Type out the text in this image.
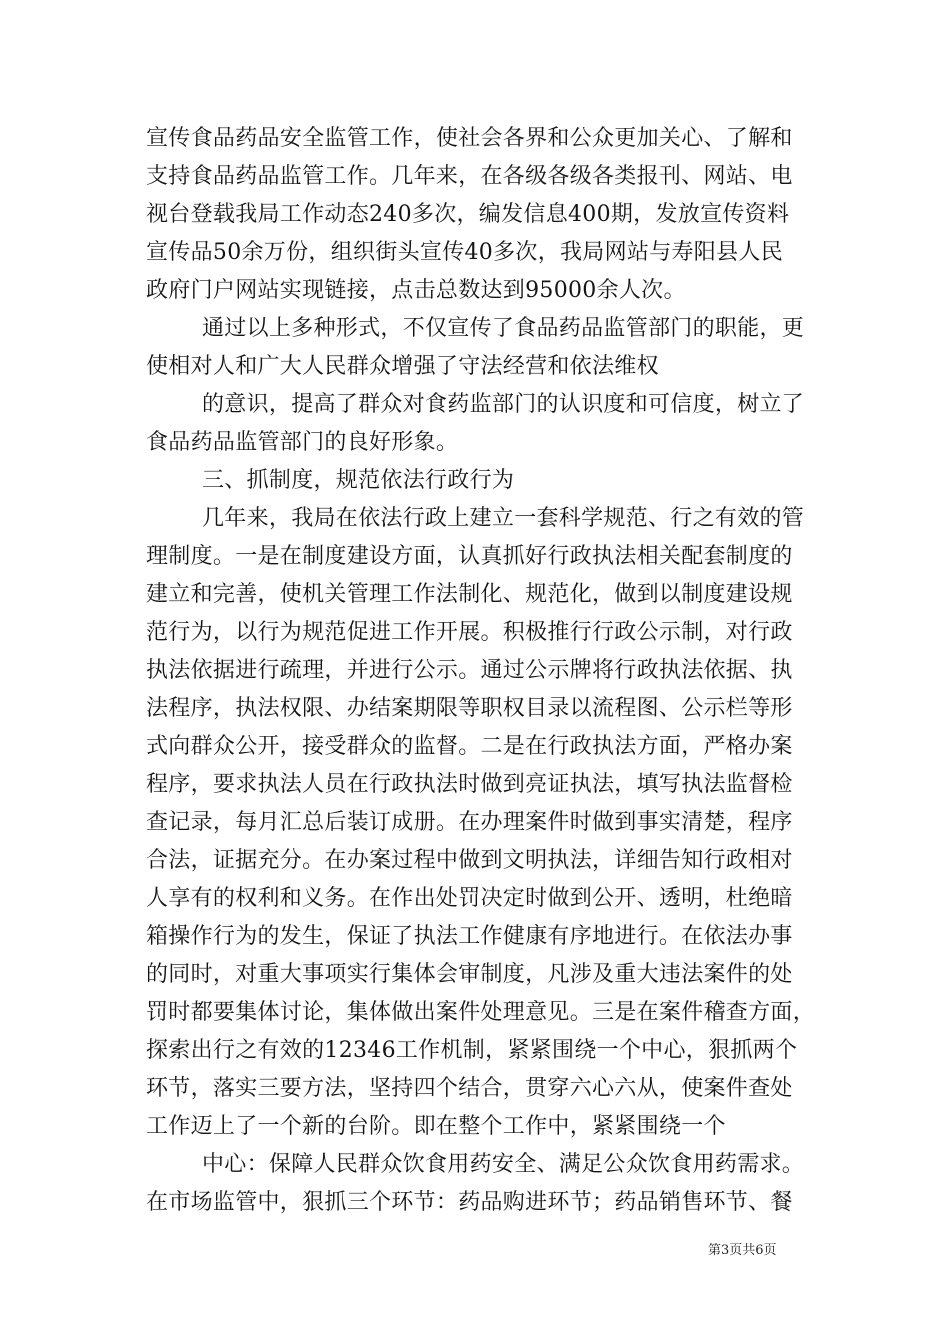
宣传食品药品安全监管工作，使社会各界和公众更加关心、了解和
支持食品药品监管工作。几年来，在各级各级各类报刊、网站、电
视台登载我局工作动态240多次，编发信息400期，发放宣传资料
宣传品50余万份，组织街头宣传40多次，我局网站与寿阳县人民
政府门户网站实现链接，点击总数达到95000余人次。
通过以上多种形式，不仅宣传了食品药品监管部门的职能，更
使相对人和广大人民群众增强了守法经营和依法维权
的意识，提高了群众对食药监部门的认识度和可信度，树立了
食品药品监管部门的良好形象。
三、抓制度，规范依法行政行为
几年来，我局在依法行政上建立一套科学规范、行之有效的管
理制度。一是在制度建设方面，认真抓好行政执法相关配套制度的
建立和完善，使机关管理工作法制化、规范化，做到以制度建设规
范行为，以行为规范促进工作开展。积极推行行政公示制，对行政
执法依据进行疏理，并进行公示。通过公示牌将行政执法依据、执
法程序，执法权限、办结案期限等职权目录以流程图、公示栏等形
式向群众公开，接受群众的监督。二是在行政执法方面，严格办案
程序，要求执法人员在行政执法时做到亮证执法，填写执法监督检
查记录，每月汇总后装订成册。在办理案件时做到事实清楚，程序
合法，证据充分。在办案过程中做到文明执法，详细告知行政相对
人享有的权利和义务。在作出处罚决定时做到公开、透明，杜绝暗
箱操作行为的发生，保证了执法工作健康有序地进行。在依法办事
的同时，对重大事项实行集体会审制度，凡涉及重大违法案件的处
罚时都要集体讨论，集体做出案件处理意见。三是在案件稽查方面，
探索出行之有效的12346工作机制，紧紧围绕一个中心，狠抓两个
环节，落实三要方法，坚持四个结合，贯穿六心六从，使案件查处
工作迈上了一个新的台阶。即在整个工作中，紧紧围绕一个
中心：保障人民群众饮食用药安全、满足公众饮食用药需求。
在市场监管中，狠抓三个环节：药品购进环节；药品销售环节、餐
第3页共6页
